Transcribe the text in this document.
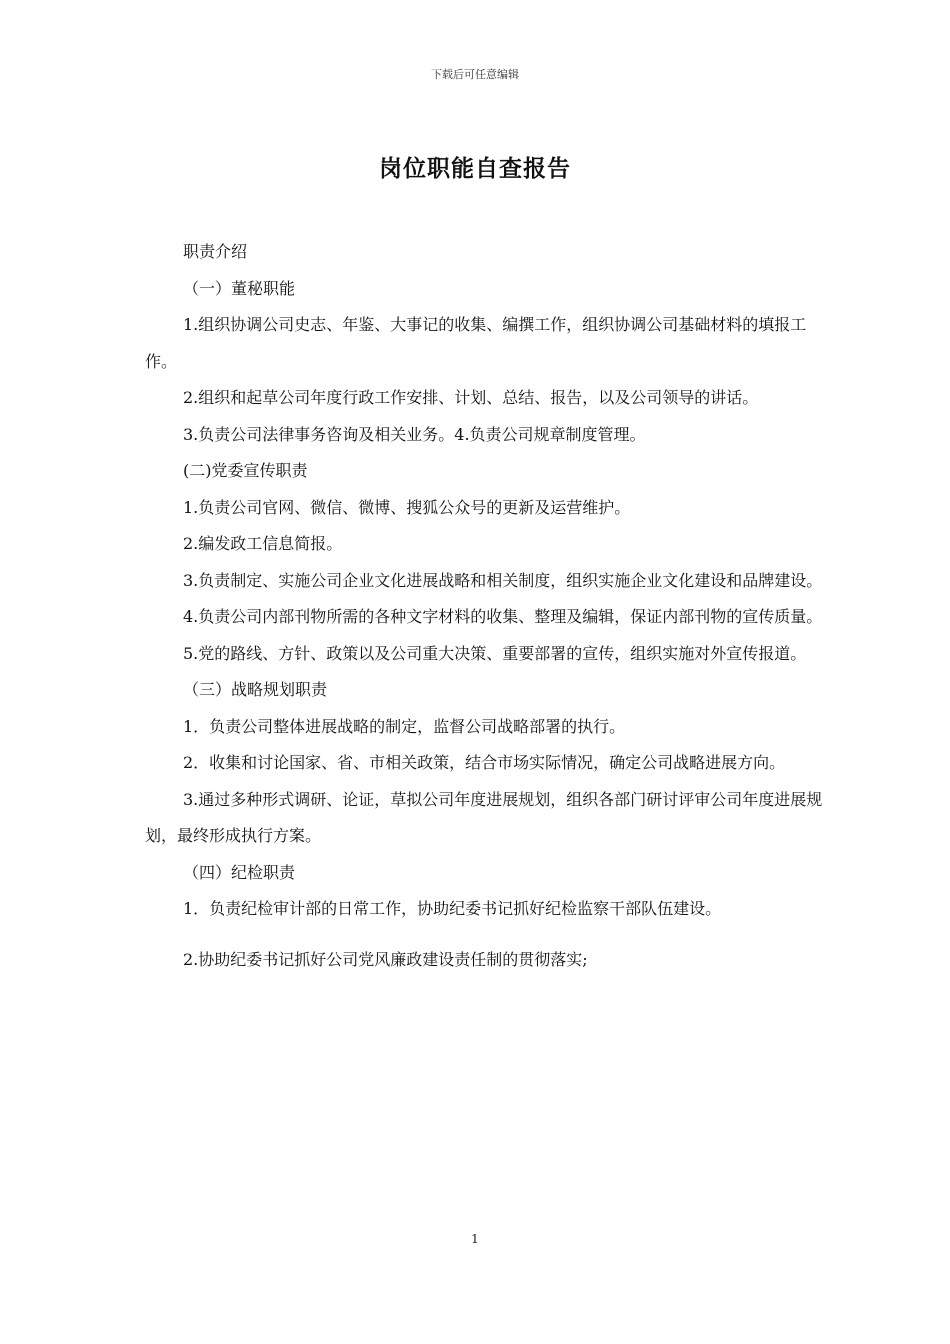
下载后可任意编辑
岗位职能自查报告

职责介绍

（一）董秘职能

1.组织协调公司史志、年鉴、大事记的收集、编撰工作，组织协调公司基础材料的填报工作。

2.组织和起草公司年度行政工作安排、计划、总结、报告，以及公司领导的讲话。

3.负责公司法律事务咨询及相关业务。4.负责公司规章制度管理。

(二)党委宣传职责

1.负责公司官网、微信、微博、搜狐公众号的更新及运营维护。

2.编发政工信息简报。

3.负责制定、实施公司企业文化进展战略和相关制度，组织实施企业文化建设和品牌建设。

4.负责公司内部刊物所需的各种文字材料的收集、整理及编辑，保证内部刊物的宣传质量。

5.党的路线、方针、政策以及公司重大决策、重要部署的宣传，组织实施对外宣传报道。

（三）战略规划职责

1．负责公司整体进展战略的制定，监督公司战略部署的执行。

2．收集和讨论国家、省、市相关政策，结合市场实际情况，确定公司战略进展方向。

3.通过多种形式调研、论证，草拟公司年度进展规划，组织各部门研讨评审公司年度进展规划，最终形成执行方案。

（四）纪检职责

1．负责纪检审计部的日常工作，协助纪委书记抓好纪检监察干部队伍建设。

2.协助纪委书记抓好公司党风廉政建设责任制的贯彻落实;

1
